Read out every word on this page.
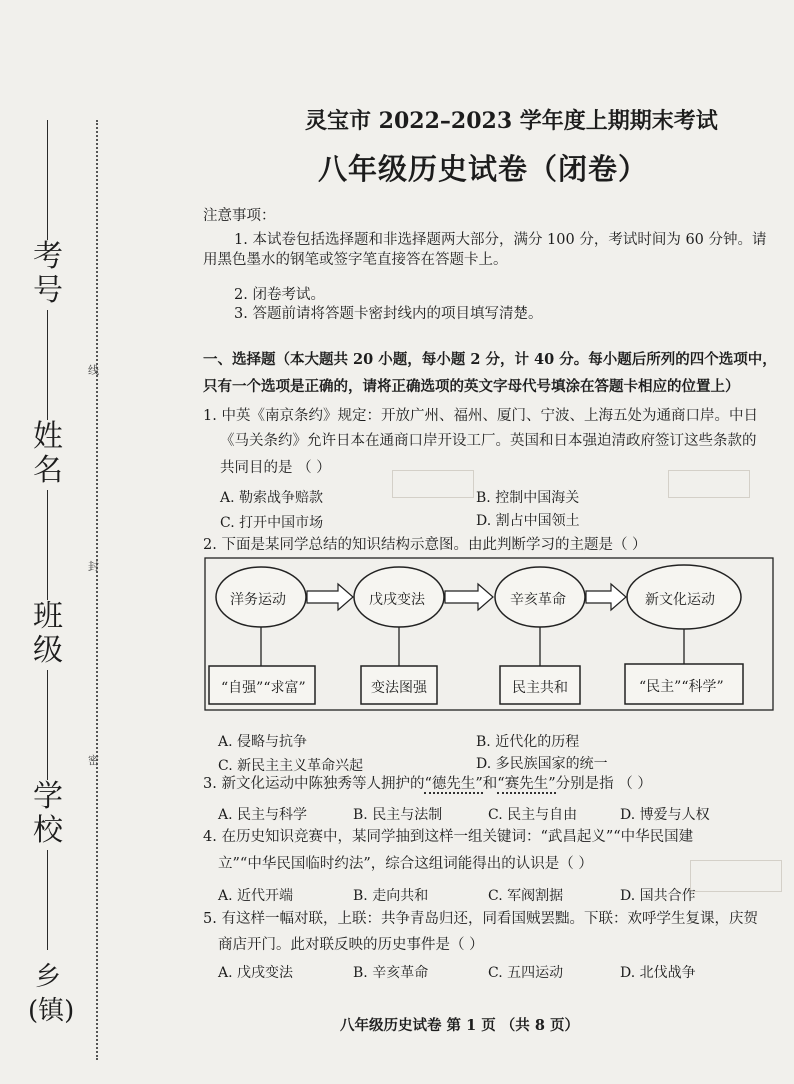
考号
姓名
班级
学校
乡(镇)
线
封
密
灵宝市 2022–2023 学年度上期期末考试
八年级历史试卷（闭卷）
注意事项：
1. 本试卷包括选择题和非选择题两大部分，满分 100 分，考试时间为 60 分钟。请
用黑色墨水的钢笔或签字笔直接答在答题卡上。
2. 闭卷考试。
3. 答题前请将答题卡密封线内的项目填写清楚。
一、选择题（本大题共 20 小题，每小题 2 分，计 40 分。每小题后所列的四个选项中，
只有一个选项是正确的，请将正确选项的英文字母代号填涂在答题卡相应的位置上）
1. 中英《南京条约》规定：开放广州、福州、厦门、宁波、上海五处为通商口岸。中日
《马关条约》允许日本在通商口岸开设工厂。英国和日本强迫清政府签订这些条款的
共同目的是 （ ）
A. 勒索战争赔款	B. 控制中国海关
C. 打开中国市场	D. 割占中国领土
2. 下面是某同学总结的知识结构示意图。由此判断学习的主题是（ ）
洋务运动	戊戌变法	辛亥革命	新文化运动
“自强”“求富”	变法图强	民主共和	“民主”“科学”
A. 侵略与抗争	B. 近代化的历程
C. 新民主主义革命兴起	D. 多民族国家的统一
3. 新文化运动中陈独秀等人拥护的“德先生”和“赛先生”分别是指 （ ）
A. 民主与科学	B. 民主与法制	C. 民主与自由	D. 博爱与人权
4. 在历史知识竞赛中，某同学抽到这样一组关键词：“武昌起义”“中华民国建
立”“中华民国临时约法”，综合这组词能得出的认识是（ ）
A. 近代开端	B. 走向共和	C. 军阀割据	D. 国共合作
5. 有这样一幅对联，上联：共争青岛归还，同看国贼罢黜。下联：欢呼学生复课，庆贺
商店开门。此对联反映的历史事件是（ ）
A. 戊戌变法	B. 辛亥革命	C. 五四运动	D. 北伐战争
八年级历史试卷 第 1 页 （共 8 页）
